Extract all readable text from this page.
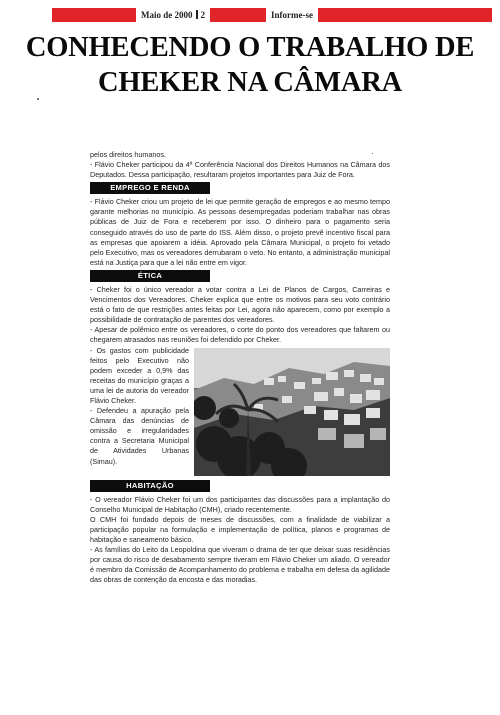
Maio de 2000 2	Informe-se
CONHECENDO O TRABALHO DE
CHEKER NA CÂMARA

pelos direitos humanos.

- Flávio Cheker participou da 4ª Conferência Nacional dos Direitos Humanos na Câmara dos Deputados. Dessa participação, resultaram projetos importantes para Juiz de Fora.

EMPREGO E RENDA

- Flávio Cheker criou um projeto de lei que permite geração de empregos e ao mesmo tempo garante melhorias no município. As pessoas desempregadas poderiam trabalhar nas obras públicas de Juiz de Fora e receberem por isso. O dinheiro para o pagamento seria conseguido através do uso de parte do ISS. Além disso, o projeto prevê incentivo fiscal para as empresas que apoiarem a idéia. Aprovado pela Câmara Municipal, o projeto foi vetado pelo Executivo, mas os vereadores derrubaram o veto. No entanto, a administração municipal está na Justiça para que a lei não entre em vigor.

ÉTICA

- Cheker foi o único vereador a votar contra a Lei de Planos de Cargos, Carreiras e Vencimentos dos Vereadores. Cheker explica que entre os motivos para seu voto contrário está o fato de que restrições antes feitas por Lei, agora não aparecem, como por exemplo a possibilidade de contratação de parentes dos vereadores.

- Apesar de polêmico entre os vereadores, o corte do ponto dos vereadores que faltarem ou chegarem atrasados nas reuniões foi defendido por Cheker.

- Os gastos com publicidade feitos pelo Executivo não podem exceder a 0,9% das receitas do município graças a uma lei de autoria do vereador Flávio Cheker.

- Defendeu a apuração pela Câmara das denúncias de omissão e irregularidades contra a Secretaria Municipal de Atividades Urbanas (Simau).

HABITAÇÃO

- O vereador Flávio Cheker foi um dos participantes das discussões para a implantação do Conselho Municipal de Habitação (CMH), criado recentemente.

O CMH foi fundado depois de meses de discussões, com a finalidade de viabilizar a participação popular na formulação e implementação de política, planos e programas de habitação e saneamento básico.

- As famílias do Leito da Leopoldina que viveram o drama de ter que deixar suas residências por causa do risco de desabamento sempre tiveram em Flávio Cheker um aliado. O vereador é membro da Comissão de Acompanhamento do problema e trabalha em defesa da agilidade das obras de contenção da encosta e das moradias.
